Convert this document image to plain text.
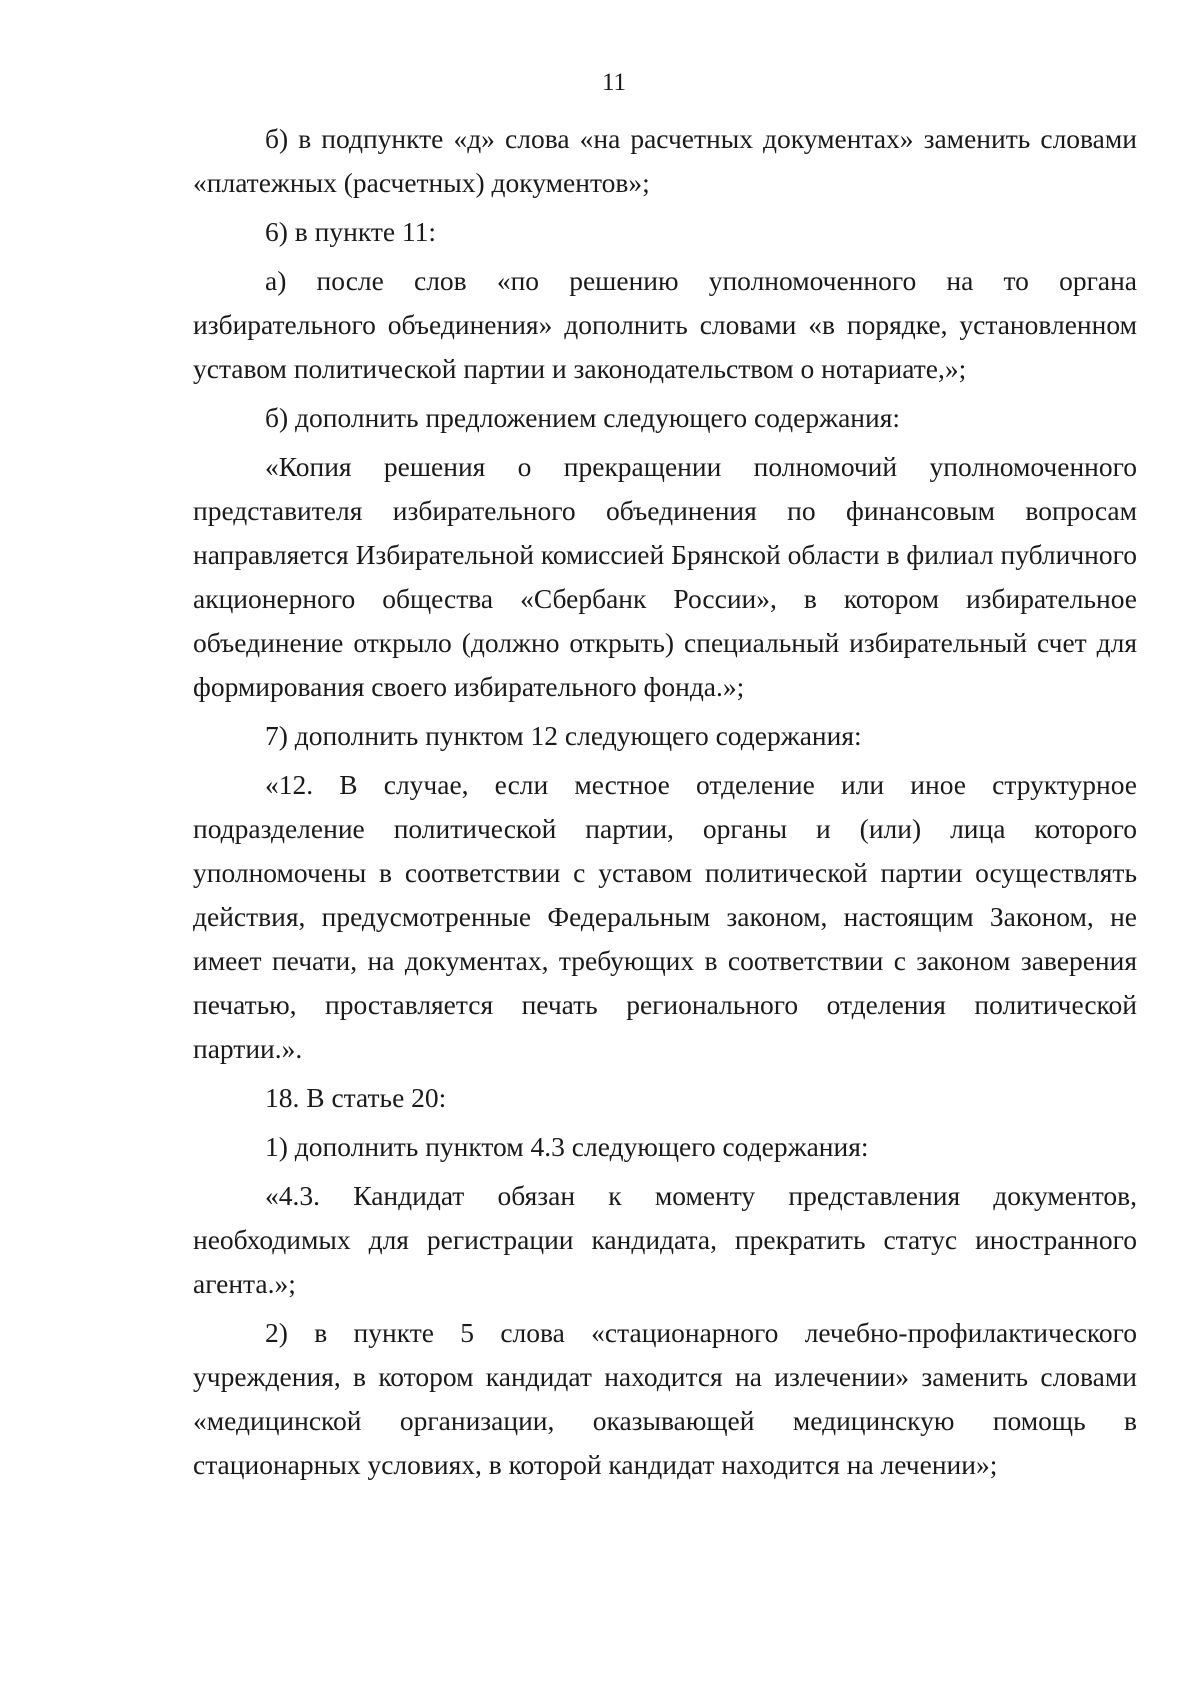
11

б) в подпункте «д» слова «на расчетных документах» заменить словами «платежных (расчетных) документов»;

6) в пункте 11:

а) после слов «по решению уполномоченного на то органа избирательного объединения» дополнить словами «в порядке, установленном уставом политической партии и законодательством о нотариате,»;

б) дополнить предложением следующего содержания:

«Копия решения о прекращении полномочий уполномоченного представителя избирательного объединения по финансовым вопросам направляется Избирательной комиссией Брянской области в филиал публичного акционерного общества «Сбербанк России», в котором избирательное объединение открыло (должно открыть) специальный избирательный счет для формирования своего избирательного фонда.»;

7) дополнить пунктом 12 следующего содержания:

«12. В случае, если местное отделение или иное структурное подразделение политической партии, органы и (или) лица которого уполномочены в соответствии с уставом политической партии осуществлять действия, предусмотренные Федеральным законом, настоящим Законом, не имеет печати, на документах, требующих в соответствии с законом заверения печатью, проставляется печать регионального отделения политической партии.».

18. В статье 20:

1) дополнить пунктом 4.3 следующего содержания:

«4.3. Кандидат обязан к моменту представления документов, необходимых для регистрации кандидата, прекратить статус иностранного агента.»;

2) в пункте 5 слова «стационарного лечебно-профилактического учреждения, в котором кандидат находится на излечении» заменить словами «медицинской организации, оказывающей медицинскую помощь в стационарных условиях, в которой кандидат находится на лечении»;
